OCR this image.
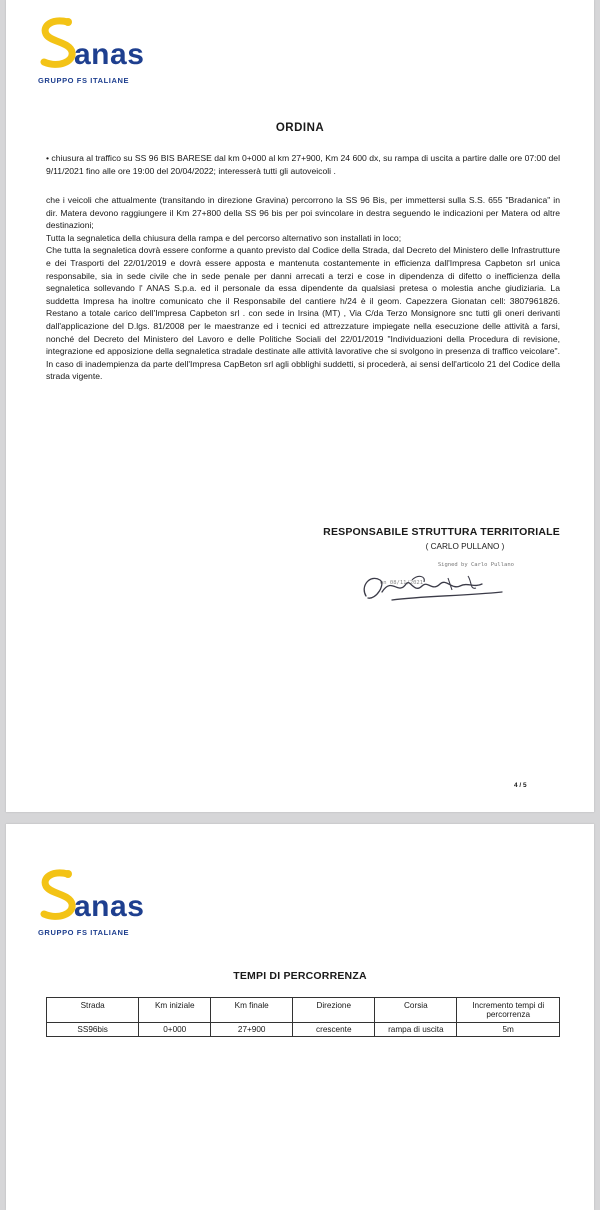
anas
GRUPPO FS ITALIANE
ORDINA

• chiusura al traffico su SS 96 BIS BARESE dal km 0+000 al km 27+900, Km 24 600 dx, su rampa di uscita a partire dalle ore 07:00 del 9/11/2021 fino alle ore 19:00 del 20/04/2022; interesserà tutti gli autoveicoli .

che i veicoli che attualmente (transitando in direzione Gravina) percorrono la SS 96 Bis, per immettersi sulla S.S. 655 "Bradanica" in dir. Matera devono raggiungere il Km 27+800 della SS 96 bis per poi svincolare in destra seguendo le indicazioni per Matera od altre destinazioni;

Tutta la segnaletica della chiusura della rampa e del percorso alternativo son installati in loco;

Che tutta la segnaletica dovrà essere conforme a quanto previsto dal Codice della Strada, dal Decreto del Ministero delle Infrastrutture e dei Trasporti del 22/01/2019 e dovrà essere apposta e mantenuta costantemente in efficienza dall'Impresa Capbeton srl unica responsabile, sia in sede civile che in sede penale per danni arrecati a terzi e cose in dipendenza di difetto o inefficienza della segnaletica sollevando l' ANAS S.p.a. ed il personale da essa dipendente da qualsiasi pretesa o molestia anche giudiziaria. La suddetta Impresa ha inoltre comunicato che il Responsabile del cantiere h/24 è il geom. Capezzera Gionatan cell: 3807961826. Restano a totale carico dell'Impresa Capbeton srl . con sede in Irsina (MT) , Via C/da Terzo Monsignore snc tutti gli oneri derivanti dall'applicazione del D.lgs. 81/2008 per le maestranze ed i tecnici ed attrezzature impiegate nella esecuzione delle attività a farsi, nonché del Decreto del Ministero del Lavoro e delle Politiche Sociali del 22/01/2019 "Individuazioni della Procedura di revisione, integrazione ed apposizione della segnaletica stradale destinate alle attività lavorative che si svolgono in presenza di traffico veicolare". In caso di inadempienza da parte dell'Impresa CapBeton srl agli obblighi suddetti, si procederà, ai sensi dell'articolo 21 del Codice della strada vigente.

RESPONSABILE STRUTTURA TERRITORIALE
( CARLO PULLANO )
Signed by Carlo Pullano
on 08/11/2021
4 / 5
anas
GRUPPO FS ITALIANE
TEMPI DI PERCORRENZA
Strada	Km iniziale	Km finale	Direzione	Corsia	Incremento tempi di percorrenza
SS96bis	0+000	27+900	crescente	rampa di uscita	5m
